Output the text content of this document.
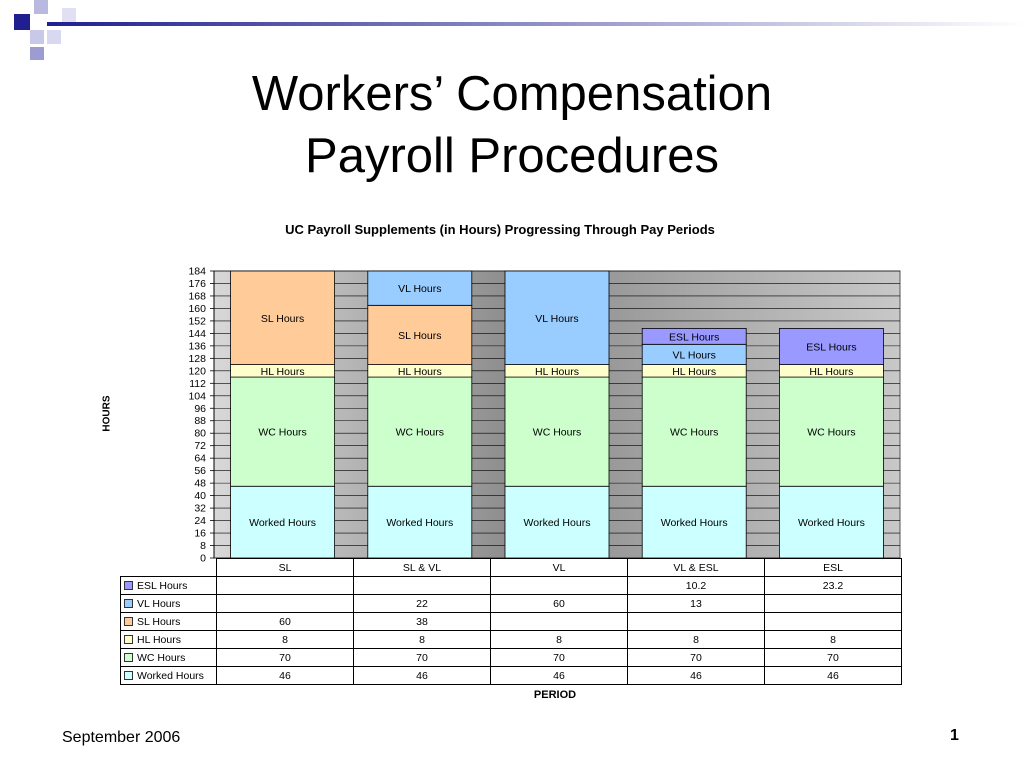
Workers’ Compensation
Payroll Procedures
UC Payroll Supplements (in Hours) Progressing Through Pay Periods
0
8
16
24
32
40
48
56
64
72
80
88
96
104
112
120
128
136
144
152
160
168
176
184
Worked Hours
WC Hours
HL Hours
SL Hours
Worked Hours
WC Hours
HL Hours
SL Hours
VL Hours
Worked Hours
WC Hours
HL Hours
VL Hours
Worked Hours
WC Hours
HL Hours
VL Hours
ESL Hours
Worked Hours
WC Hours
HL Hours
ESL Hours
HOURS
	SL	SL & VL	VL	VL & ESL	ESL
ESL Hours				10.2	23.2
VL Hours		22	60	13	
SL Hours	60	38			
HL Hours	8	8	8	8	8
WC Hours	70	70	70	70	70
Worked Hours	46	46	46	46	46
PERIOD
September 2006	1
